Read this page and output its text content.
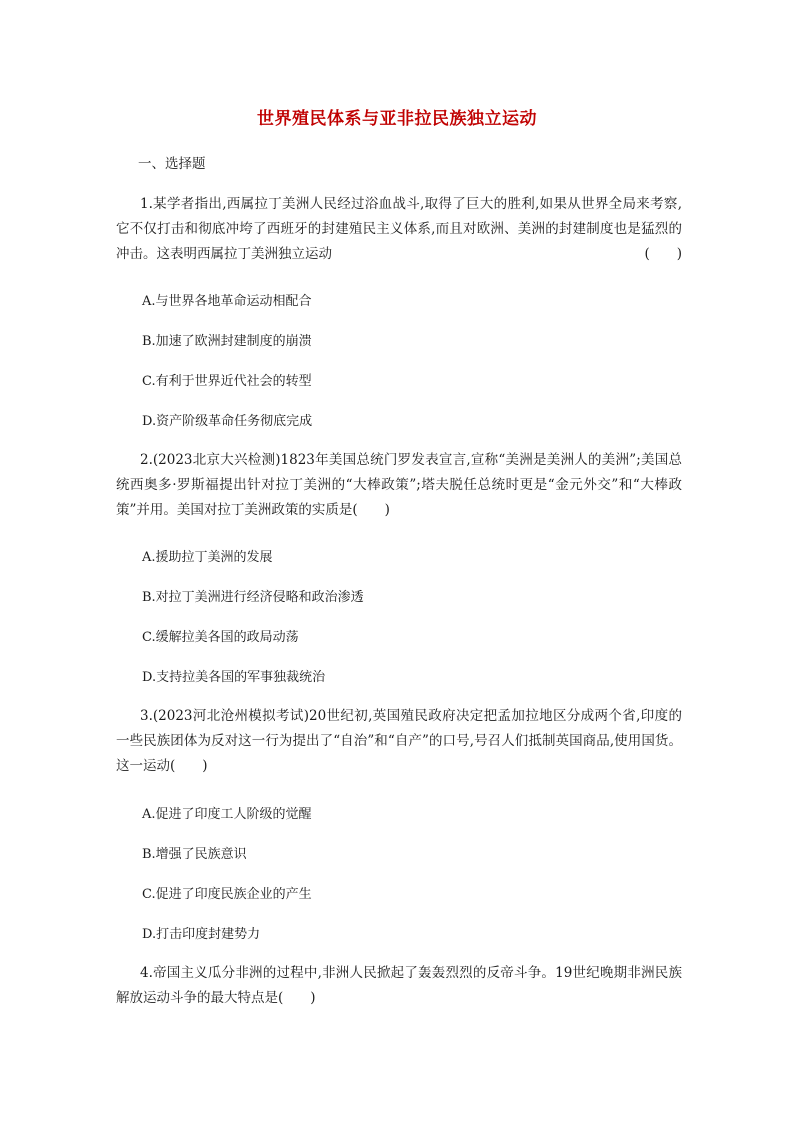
世界殖民体系与亚非拉民族独立运动
一、选择题
1.某学者指出,西属拉丁美洲人民经过浴血战斗,取得了巨大的胜利,如果从世界全局来考察,它不仅打击和彻底冲垮了西班牙的封建殖民主义体系,而且对欧洲、美洲的封建制度也是猛烈的冲击。这表明西属拉丁美洲独立运动	(　　)
A.与世界各地革命运动相配合
B.加速了欧洲封建制度的崩溃
C.有利于世界近代社会的转型
D.资产阶级革命任务彻底完成
2.(2023北京大兴检测)1823年美国总统门罗发表宣言,宣称“美洲是美洲人的美洲”;美国总统西奥多·罗斯福提出针对拉丁美洲的“大棒政策”;塔夫脱任总统时更是“金元外交”和“大棒政策”并用。美国对拉丁美洲政策的实质是(　　)
A.援助拉丁美洲的发展
B.对拉丁美洲进行经济侵略和政治渗透
C.缓解拉美各国的政局动荡
D.支持拉美各国的军事独裁统治
3.(2023河北沧州模拟考试)20世纪初,英国殖民政府决定把孟加拉地区分成两个省,印度的一些民族团体为反对这一行为提出了“自治”和“自产”的口号,号召人们抵制英国商品,使用国货。这一运动(　　)
A.促进了印度工人阶级的觉醒
B.增强了民族意识
C.促进了印度民族企业的产生
D.打击印度封建势力
4.帝国主义瓜分非洲的过程中,非洲人民掀起了轰轰烈烈的反帝斗争。19世纪晚期非洲民族解放运动斗争的最大特点是(　　)
